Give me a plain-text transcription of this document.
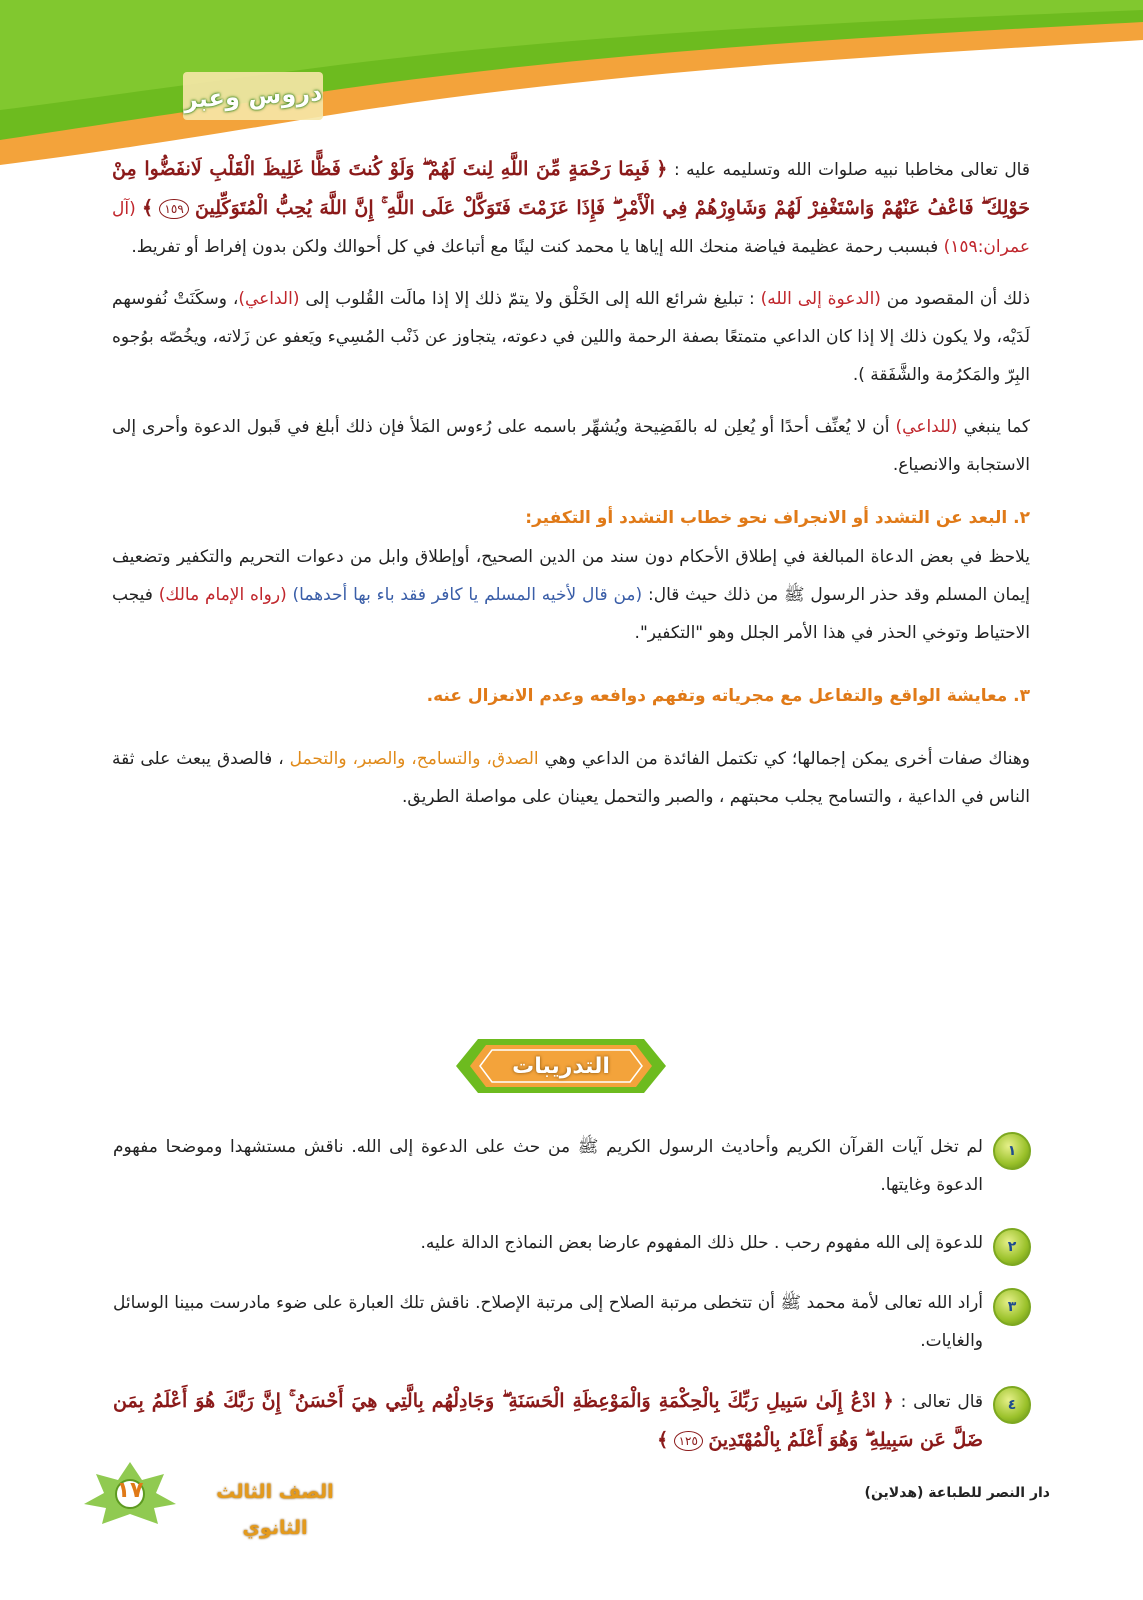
دروس وعبر

قال تعالى مخاطبا نبيه صلوات الله وتسليمه عليه : ﴿ فَبِمَا رَحْمَةٍ مِّنَ اللَّهِ لِنتَ لَهُمْ ۖ وَلَوْ كُنتَ فَظًّا غَلِيظَ الْقَلْبِ لَانفَضُّوا مِنْ حَوْلِكَ ۖ فَاعْفُ عَنْهُمْ وَاسْتَغْفِرْ لَهُمْ وَشَاوِرْهُمْ فِي الْأَمْرِ ۖ فَإِذَا عَزَمْتَ فَتَوَكَّلْ عَلَى اللَّهِ ۚ إِنَّ اللَّهَ يُحِبُّ الْمُتَوَكِّلِينَ ١٥٩ ﴾ (آل عمران:١٥٩) فبسبب رحمة عظيمة فياضة منحك الله إياها يا محمد كنت لينًا مع أتباعك في كل أحوالك ولكن بدون إفراط أو تفريط.

ذلك أن المقصود من (الدعوة إلى الله) : تبليغ شرائع الله إلى الخَلْق ولا يتمّ ذلك إلا إذا مالَت القُلوب إلى (الداعي)، وسكَنَتْ نُفوسهم لَدَيْه، ولا يكون ذلك إلا إذا كان الداعي متمتعًا بصفة الرحمة واللين في دعوته، يتجاوز عن ذَنْب المُسِيء ويَعفو عن زَلاته، ويخُصّه بوُجوه البِرّ والمَكرُمة والشَّفَقة ).

كما ينبغي (للداعي) أن لا يُعنِّف أحدًا أو يُعلِن له بالفَضِيحة ويُشهِّر باسمه على رُءوس المَلأ فإن ذلك أبلغ في قَبول الدعوة وأحرى إلى الاستجابة والانصياع.

٢. البعد عن التشدد أو الانجراف نحو خطاب التشدد أو التكفير:

يلاحظ في بعض الدعاة المبالغة في إطلاق الأحكام دون سند من الدين الصحيح، أوإطلاق وابل من دعوات التحريم والتكفير وتضعيف إيمان المسلم وقد حذر الرسول ﷺ من ذلك حيث قال: (من قال لأخيه المسلم يا كافر فقد باء بها أحدهما) (رواه الإمام مالك) فيجب الاحتياط وتوخي الحذر في هذا الأمر الجلل وهو "التكفير".

٣. معايشة الواقع والتفاعل مع مجرياته وتفهم دوافعه وعدم الانعزال عنه.

وهناك صفات أخرى يمكن إجمالها؛ كي تكتمل الفائدة من الداعي وهي الصدق، والتسامح، والصبر، والتحمل ، فالصدق يبعث على ثقة الناس في الداعية ، والتسامح يجلب محبتهم ، والصبر والتحمل يعينان على مواصلة الطريق.

التدريبات
١
لم تخل آيات القرآن الكريم وأحاديث الرسول الكريم ﷺ من حث على الدعوة إلى الله. ناقش مستشهدا وموضحا مفهوم الدعوة وغايتها.
٢
للدعوة إلى الله مفهوم رحب . حلل ذلك المفهوم عارضا بعض النماذج الدالة عليه.
٣
أراد الله تعالى لأمة محمد ﷺ أن تتخطى مرتبة الصلاح إلى مرتبة الإصلاح. ناقش تلك العبارة على ضوء مادرست مبينا الوسائل والغايات.
٤
قال تعالى : ﴿ ادْعُ إِلَىٰ سَبِيلِ رَبِّكَ بِالْحِكْمَةِ وَالْمَوْعِظَةِ الْحَسَنَةِ ۖ وَجَادِلْهُم بِالَّتِي هِيَ أَحْسَنُ ۚ إِنَّ رَبَّكَ هُوَ أَعْلَمُ بِمَن ضَلَّ عَن سَبِيلِهِ ۖ وَهُوَ أَعْلَمُ بِالْمُهْتَدِينَ ١٢٥ ﴾
دار النصر للطباعة (هدلاين)
الصف الثالث الثانوي
١٧
